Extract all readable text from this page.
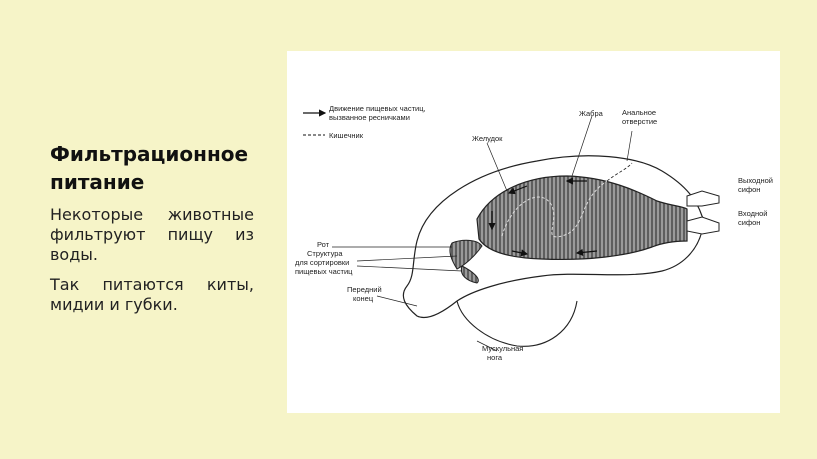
Фильтрационное питание

Некоторые животные фильтруют пищу из воды.

Так питаются киты, мидии и губки.

Движение пищевых частиц,
вызванное ресничками
Кишечник	Желудок
Жабра	Анальное
отверстие
Выходной
сифон
Входной
сифон
Рот
Структура
для сортировки
пищевых частиц
Передний
конец
Мускульная
нога
